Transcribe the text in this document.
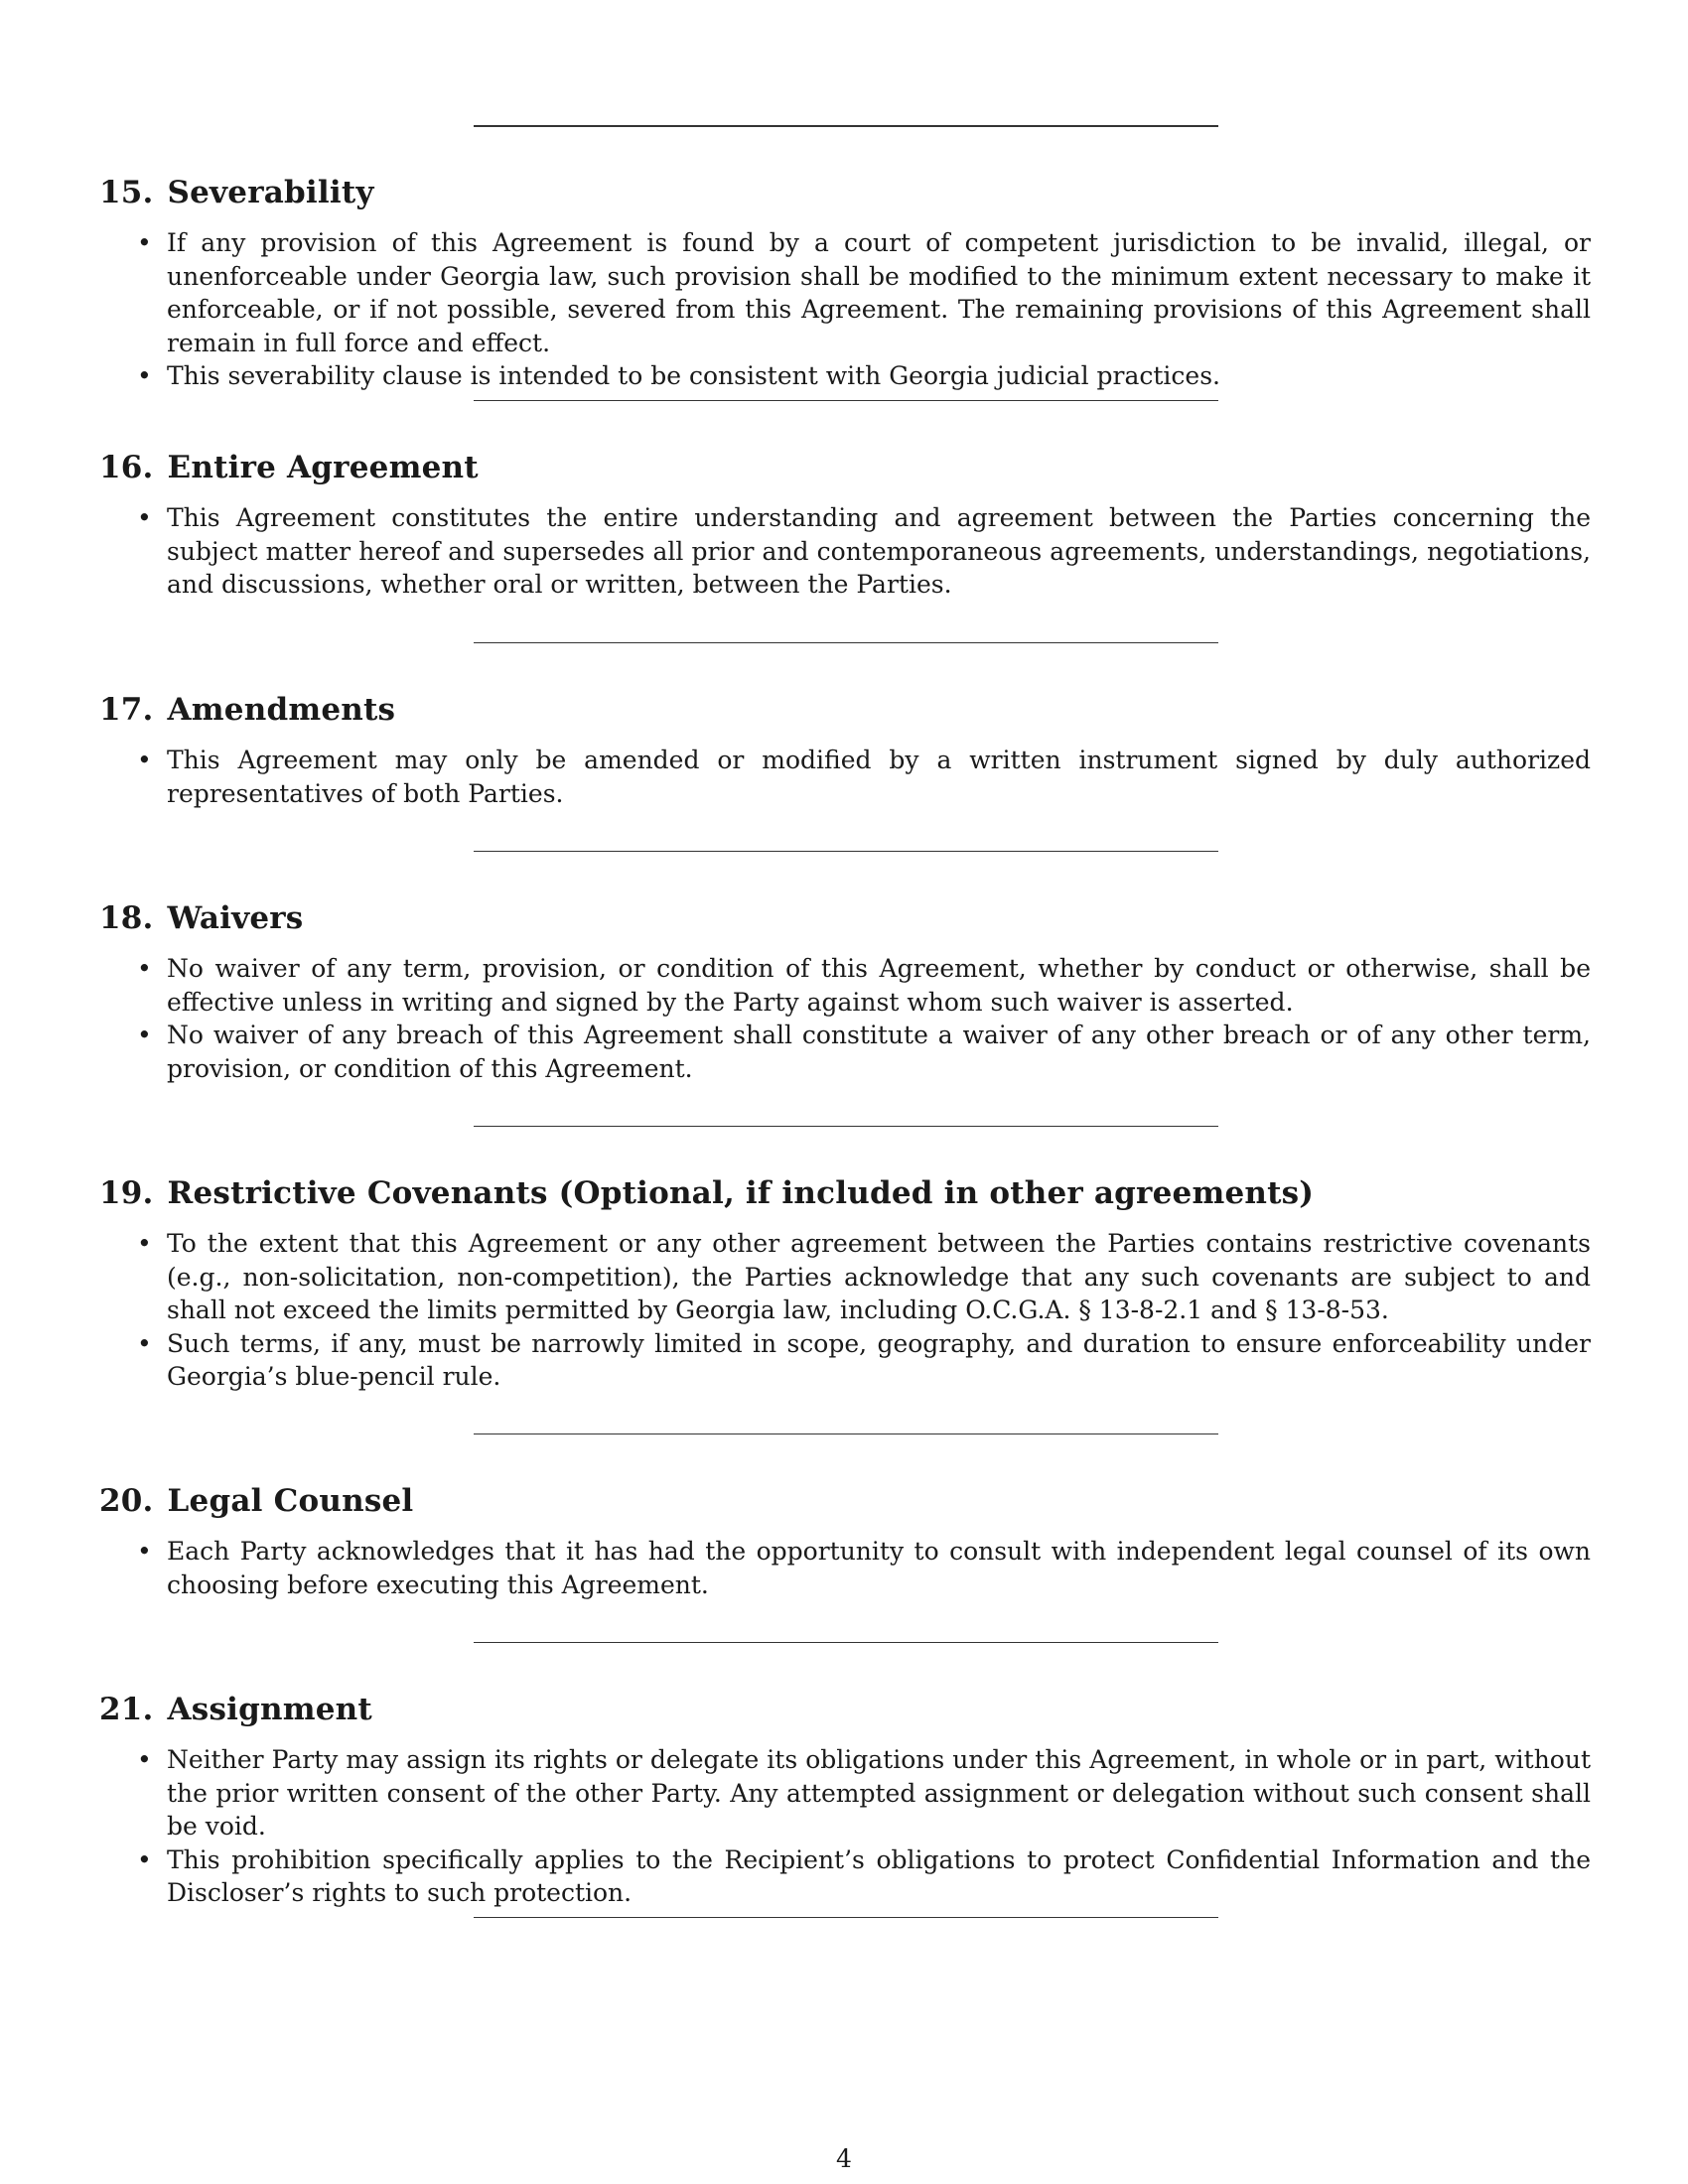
15. Severability
• If any provision of this Agreement is found by a court of competent jurisdiction to be invalid, illegal, or unenforceable under Georgia law, such provision shall be modified to the minimum extent necessary to make it enforceable, or if not possible, severed from this Agreement. The remaining provisions of this Agreement shall remain in full force and effect.
• This severability clause is intended to be consistent with Georgia judicial practices.
16. Entire Agreement
• This Agreement constitutes the entire understanding and agreement between the Parties concerning the subject matter hereof and supersedes all prior and contemporaneous agreements, understandings, negotiations, and discussions, whether oral or written, between the Parties.
17. Amendments
• This Agreement may only be amended or modified by a written instrument signed by duly authorized representatives of both Parties.
18. Waivers
• No waiver of any term, provision, or condition of this Agreement, whether by conduct or otherwise, shall be effective unless in writing and signed by the Party against whom such waiver is asserted.
• No waiver of any breach of this Agreement shall constitute a waiver of any other breach or of any other term, provision, or condition of this Agreement.
19. Restrictive Covenants (Optional, if included in other agreements)
• To the extent that this Agreement or any other agreement between the Parties contains restrictive covenants (e.g., non-solicitation, non-competition), the Parties acknowledge that any such covenants are subject to and shall not exceed the limits permitted by Georgia law, including O.C.G.A. § 13-8-2.1 and § 13-8-53.
• Such terms, if any, must be narrowly limited in scope, geography, and duration to ensure enforceability under Georgia’s blue-pencil rule.
20. Legal Counsel
• Each Party acknowledges that it has had the opportunity to consult with independent legal counsel of its own choosing before executing this Agreement.
21. Assignment
• Neither Party may assign its rights or delegate its obligations under this Agreement, in whole or in part, without the prior written consent of the other Party. Any attempted assignment or delegation without such consent shall be void.
• This prohibition specifically applies to the Recipient’s obligations to protect Confidential Information and the Discloser’s rights to such protection.
4
